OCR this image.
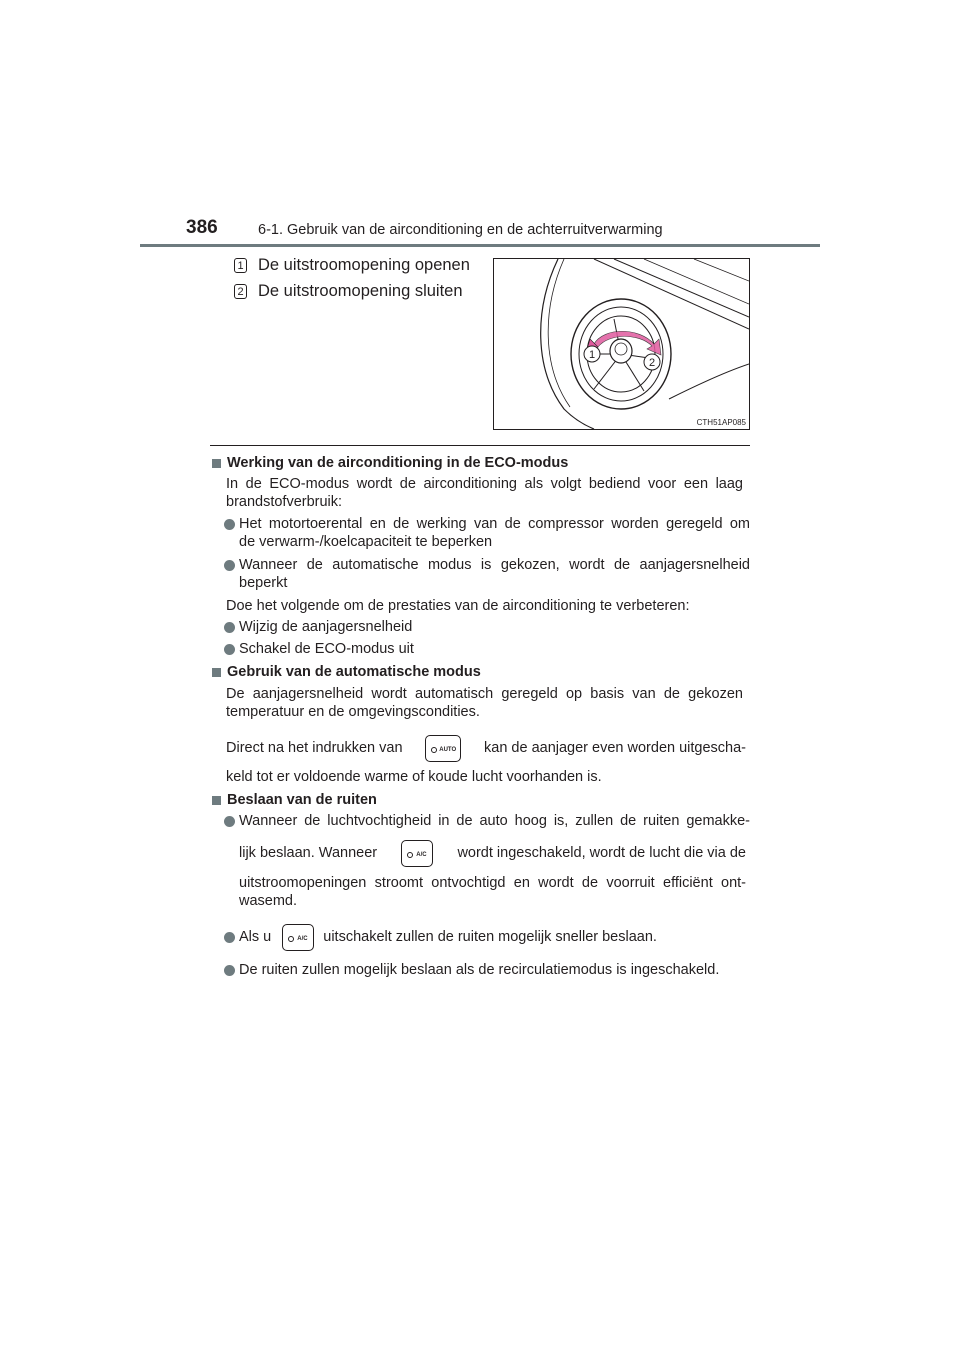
386	6-1. Gebruik van de airconditioning en de achterruitverwarming
1 De uitstroomopening openen
2 De uitstroomopening sluiten
1
2
CTH51AP085
Werking van de airconditioning in de ECO-modus
In de ECO-modus wordt de airconditioning als volgt bediend voor een laag
brandstofverbruik:
Het motortoerental en de werking van de compressor worden geregeld om
de verwarm-/koelcapaciteit te beperken
Wanneer de automatische modus is gekozen, wordt de aanjagersnelheid
beperkt
Doe het volgende om de prestaties van de airconditioning te verbeteren:
Wijzig de aanjagersnelheid
Schakel de ECO-modus uit
Gebruik van de automatische modus
De aanjagersnelheid wordt automatisch geregeld op basis van de gekozen
temperatuur en de omgevingscondities.
Direct na het indrukken van	AUTO kan de aanjager even worden uitgescha-
keld tot er voldoende warme of koude lucht voorhanden is.
Beslaan van de ruiten
Wanneer de luchtvochtigheid in de auto hoog is, zullen de ruiten gemakke-
lijk beslaan. Wanneer	A/C wordt ingeschakeld, wordt de lucht die via de
uitstroomopeningen stroomt ontvochtigd en wordt de voorruit efficiënt ont-
wasemd.
Als u	A/C uitschakelt zullen de ruiten mogelijk sneller beslaan.
De ruiten zullen mogelijk beslaan als de recirculatiemodus is ingeschakeld.
